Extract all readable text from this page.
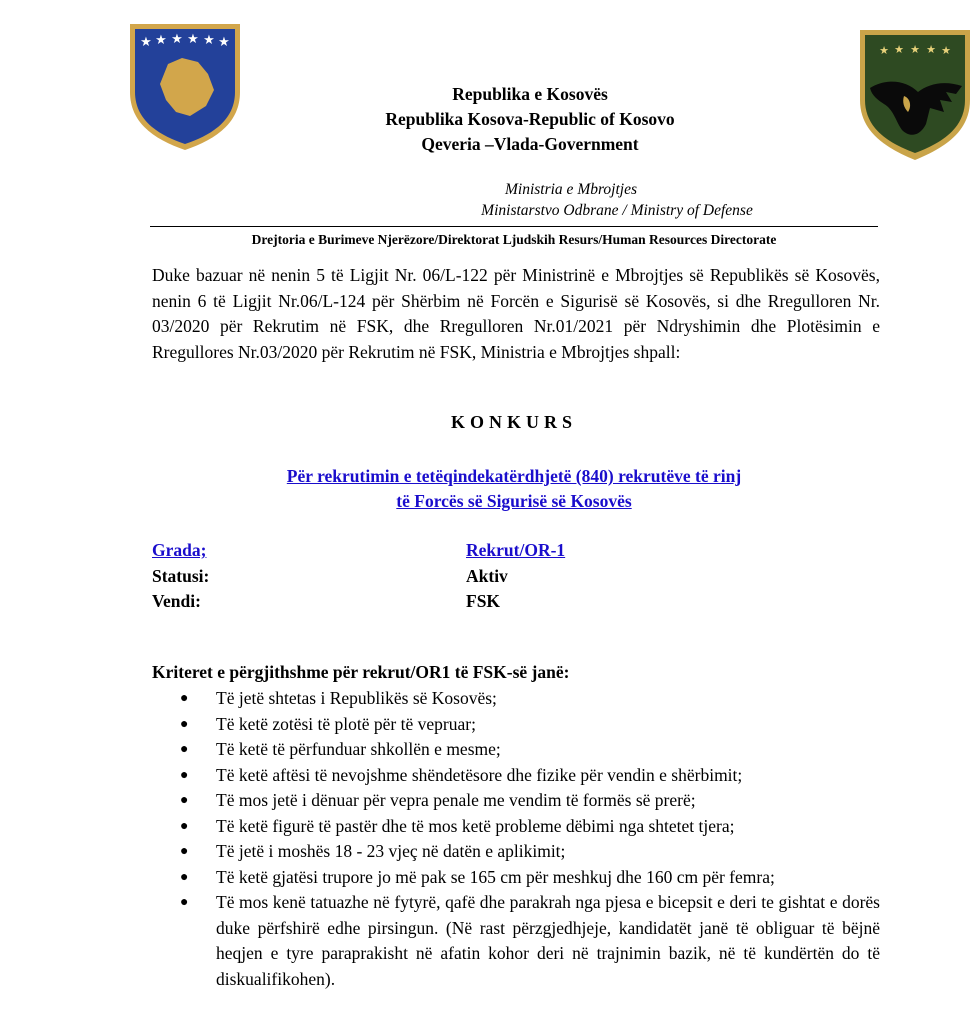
★ ★ ★ ★ ★ ★
★ ★ ★ ★ ★
Republika e Kosovës
Republika Kosova-Republic of Kosovo
Qeveria –Vlada-Government
Ministria e Mbrojtjes
Ministarstvo Odbrane / Ministry of Defense
Drejtoria e Burimeve Njerëzore/Direktorat Ljudskih Resurs/Human Resources Directorate
Duke bazuar në nenin 5 të Ligjit Nr. 06/L-122 për Ministrinë e Mbrojtjes së Republikës së Kosovës, nenin 6 të Ligjit Nr.06/L-124 për Shërbim në Forcën e Sigurisë së Kosovës, si dhe Rregulloren Nr. 03/2020 për Rekrutim në FSK, dhe Rregulloren Nr.01/2021 për Ndryshimin dhe Plotësimin e Rregullores Nr.03/2020 për Rekrutim në FSK, Ministria e Mbrojtjes shpall:
KONKURS
Për rekrutimin e tetëqindekatërdhjetë (840) rekrutëve të rinj
të Forcës së Sigurisë së Kosovës
Grada;	Rekrut/OR-1
Statusi:	Aktiv
Vendi:	FSK
Kriteret e përgjithshme për rekrut/OR1 të FSK-së janë:
● Të jetë shtetas i Republikës së Kosovës;
● Të ketë zotësi të plotë për të vepruar;
● Të ketë të përfunduar shkollën e mesme;
● Të ketë aftësi të nevojshme shëndetësore dhe fizike për vendin e shërbimit;
● Të mos jetë i dënuar për vepra penale me vendim të formës së prerë;
● Të ketë figurë të pastër dhe të mos ketë probleme dëbimi nga shtetet tjera;
● Të jetë i moshës 18 - 23 vjeç në datën e aplikimit;
● Të ketë gjatësi trupore jo më pak se 165 cm për meshkuj dhe 160 cm për femra;
● Të mos kenë tatuazhe në fytyrë, qafë dhe parakrah nga pjesa e bicepsit e deri te gishtat e dorës duke përfshirë edhe pirsingun. (Në rast përzgjedhjeje, kandidatët janë të obliguar të bëjnë heqjen e tyre paraprakisht në afatin kohor deri në trajnimin bazik, në të kundërtën do të diskualifikohen).
